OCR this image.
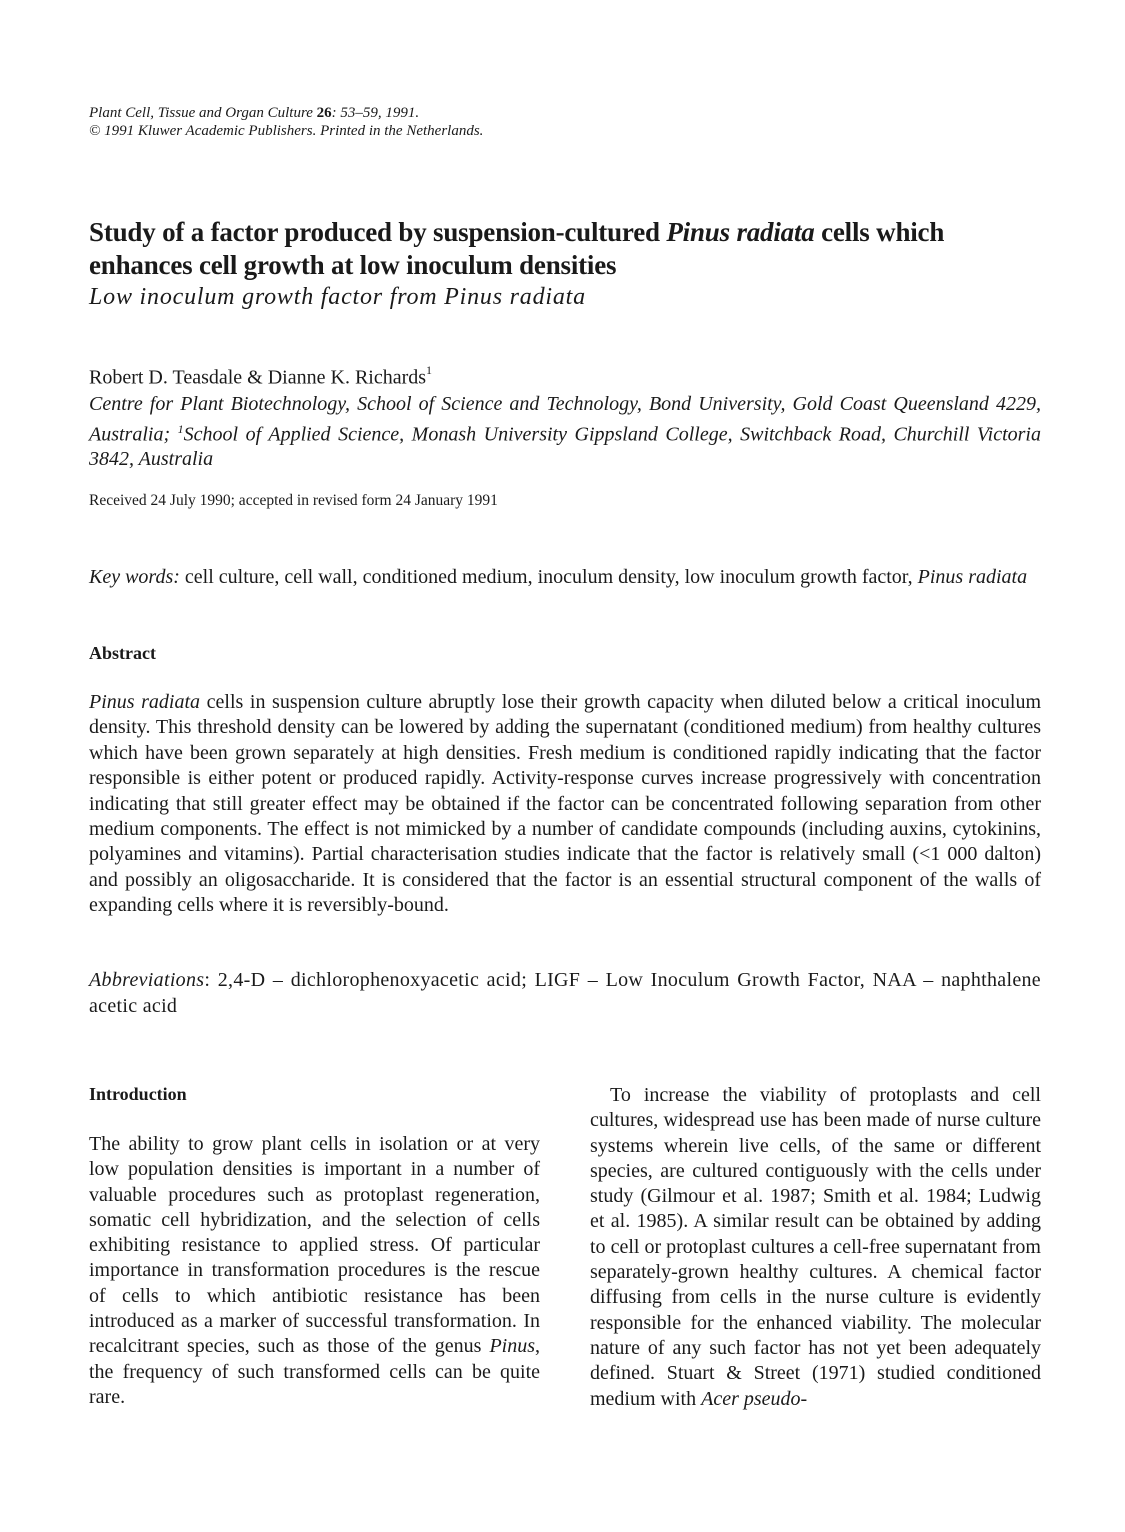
Plant Cell, Tissue and Organ Culture 26: 53–59, 1991.
© 1991 Kluwer Academic Publishers. Printed in the Netherlands.
Study of a factor produced by suspension-cultured Pinus radiata cells which enhances cell growth at low inoculum densities
Low inoculum growth factor from Pinus radiata
Robert D. Teasdale & Dianne K. Richards$^1$
Centre for Plant Biotechnology, School of Science and Technology, Bond University, Gold Coast Queensland 4229, Australia; $^1$School of Applied Science, Monash University Gippsland College, Switchback Road, Churchill Victoria 3842, Australia
Received 24 July 1990; accepted in revised form 24 January 1991
Key words: cell culture, cell wall, conditioned medium, inoculum density, low inoculum growth factor, Pinus radiata
Abstract

Pinus radiata cells in suspension culture abruptly lose their growth capacity when diluted below a critical inoculum density. This threshold density can be lowered by adding the supernatant (conditioned medium) from healthy cultures which have been grown separately at high densities. Fresh medium is conditioned rapidly indicating that the factor responsible is either potent or produced rapidly. Activity-response curves increase progressively with concentration indicating that still greater effect may be obtained if the factor can be concentrated following separation from other medium components. The effect is not mimicked by a number of candidate compounds (including auxins, cytokinins, polyamines and vitamins). Partial characterisation studies indicate that the factor is relatively small (<1 000 dalton) and possibly an oligosaccharide. It is considered that the factor is an essential structural component of the walls of expanding cells where it is reversibly-bound.

Abbreviations: 2,4-D – dichlorophenoxyacetic acid; LIGF – Low Inoculum Growth Factor, NAA – naphthalene acetic acid

Introduction

The ability to grow plant cells in isolation or at very low population densities is important in a number of valuable procedures such as protoplast regeneration, somatic cell hybridization, and the selection of cells exhibiting resistance to applied stress. Of particular importance in transformation procedures is the rescue of cells to which antibiotic resistance has been introduced as a marker of successful transformation. In recalcitrant species, such as those of the genus Pinus, the frequency of such transformed cells can be quite rare.

To increase the viability of protoplasts and cell cultures, widespread use has been made of nurse culture systems wherein live cells, of the same or different species, are cultured contiguously with the cells under study (Gilmour et al. 1987; Smith et al. 1984; Ludwig et al. 1985). A similar result can be obtained by adding to cell or protoplast cultures a cell-free supernatant from separately-grown healthy cultures. A chemical factor diffusing from cells in the nurse culture is evidently responsible for the enhanced viability. The molecular nature of any such factor has not yet been adequately defined. Stuart & Street (1971) studied conditioned medium with Acer pseudo-
